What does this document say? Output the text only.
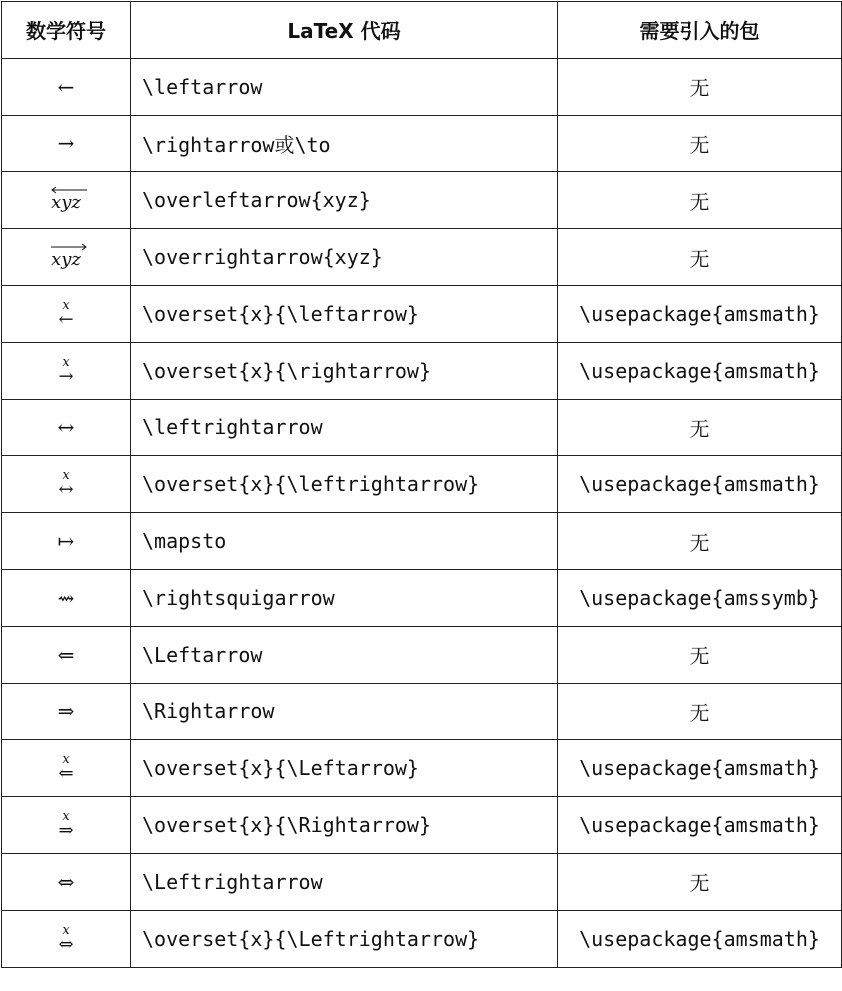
数学符号	LaTeX 代码	需要引入的包
←	\leftarrow	无
→	\rightarrow或\to	无

xyz	\overleftarrow{xyz}	无

xyz	\overrightarrow{xyz}	无

x
←	\overset{x}{\leftarrow}	\usepackage{amsmath}

x
→	\overset{x}{\rightarrow}	\usepackage{amsmath}
↔	\leftrightarrow	无

x
↔	\overset{x}{\leftrightarrow}	\usepackage{amsmath}
↦	\mapsto	无
⇝	\rightsquigarrow	\usepackage{amssymb}
⇐	\Leftarrow	无
⇒	\Rightarrow	无

x
⇐	\overset{x}{\Leftarrow}	\usepackage{amsmath}

x
⇒	\overset{x}{\Rightarrow}	\usepackage{amsmath}
⇔	\Leftrightarrow	无

x
⇔	\overset{x}{\Leftrightarrow}	\usepackage{amsmath}
